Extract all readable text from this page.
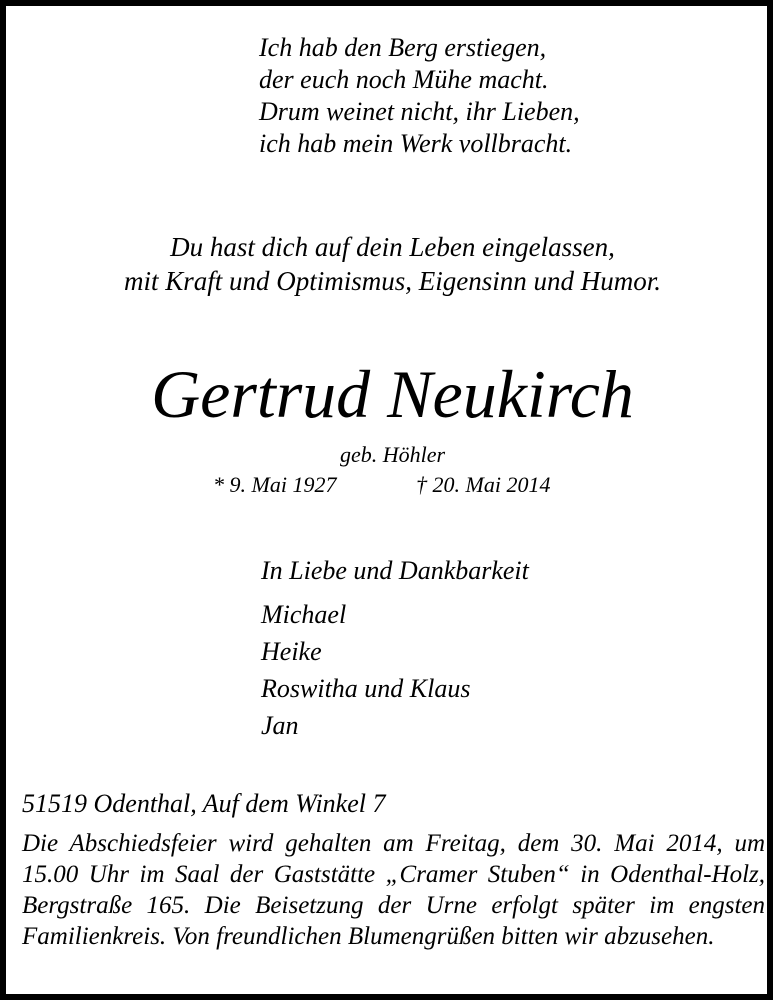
Ich hab den Berg erstiegen,
der euch noch Mühe macht.
Drum weinet nicht, ihr Lieben,
ich hab mein Werk vollbracht.
Du hast dich auf dein Leben eingelassen,
mit Kraft und Optimismus, Eigensinn und Humor.
Gertrud Neukirch
geb. Höhler
* 9. Mai 1927	† 20. Mai 2014
In Liebe und Dankbarkeit
Michael
Heike
Roswitha und Klaus
Jan
51519 Odenthal, Auf dem Winkel 7
Die Abschiedsfeier wird gehalten am Freitag, dem 30. Mai 2014, um 15.00 Uhr im Saal der Gaststätte „Cramer Stuben“ in Odenthal-Holz, Bergstraße 165. Die Beisetzung der Urne erfolgt später im engsten Familienkreis. Von freundlichen Blumengrüßen bitten wir abzusehen.
